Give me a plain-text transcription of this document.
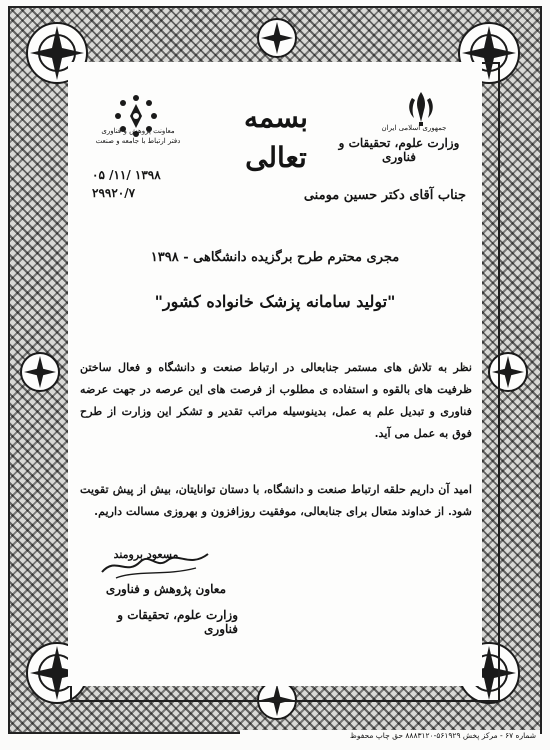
معاونت پژوهش و فناوری
دفتر ارتباط با جامعه و صنعت
بسمه تعالی
جمهوری اسلامی ایران
وزارت علوم، تحقیقات و فناوری
۱۳۹۸ /۱۱/ ۰۵
۲۹۹۲۰/۷	جناب آقای دکتر حسین مومنی
مجری محترم طرح برگزیده دانشگاهی - ۱۳۹۸
"تولید سامانه پزشک خانواده کشور"
نظر به تلاش های مستمر جنابعالی در ارتباط صنعت و دانشگاه و فعال ساختن ظرفیت های بالقوه و استفاده ی مطلوب از فرصت های این عرصه در جهت عرضه فناوری و تبدیل علم به عمل، بدینوسیله مراتب تقدیر و تشکر این وزارت از طرح فوق به عمل می آید.
امید آن داریم حلقه ارتباط صنعت و دانشگاه، با دستان توانایتان، بیش از پیش تقویت شود. از خداوند متعال برای جنابعالی، موفقیت روزافزون و بهروزی مسالت داریم.
مسعود برومند
معاون پژوهش و فناوری
وزارت علوم، تحقیقات و فناوری
شماره ۶۷ - مرکز پخش ۵۶۱۹۲۹-۸۸۸۳۱۲۰ حق چاپ محفوظ
